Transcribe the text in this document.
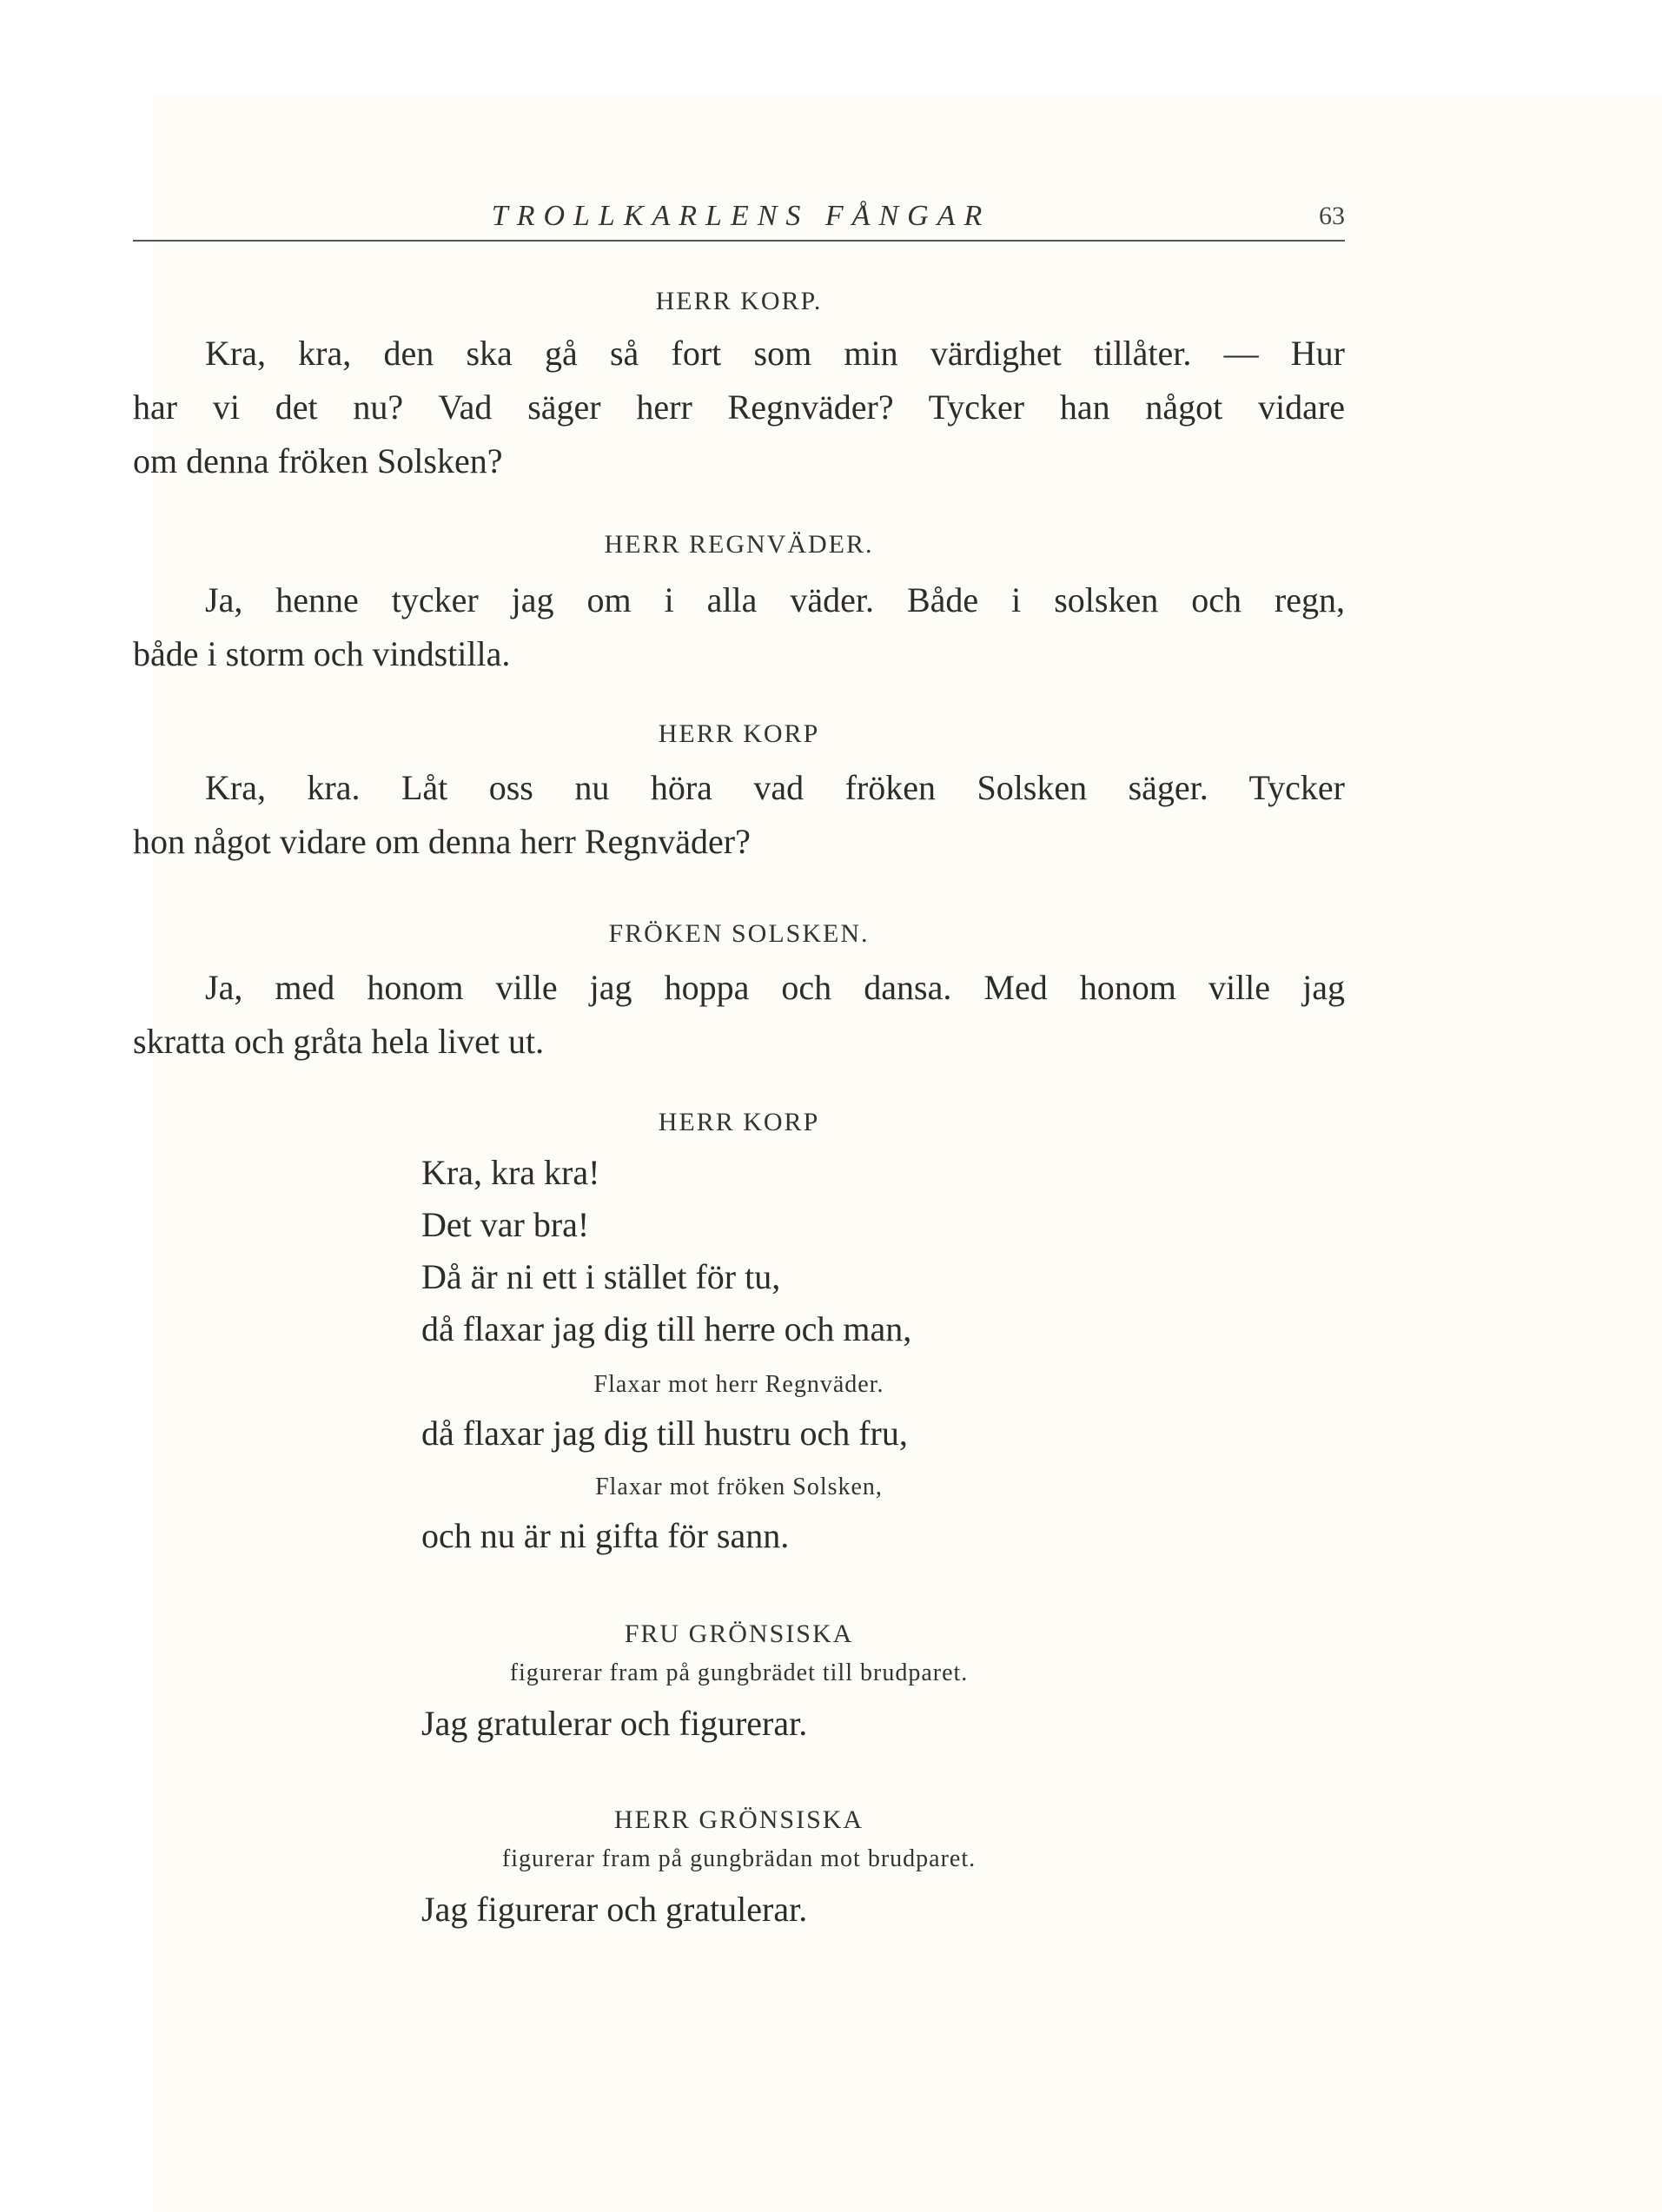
TROLLKARLENS FÅNGAR	63
HERR KORP.
Kra, kra, den ska gå så fort som min värdighet tillåter. — Hur
har vi det nu? Vad säger herr Regnväder? Tycker han något vidare
om denna fröken Solsken?
HERR REGNVÄDER.
Ja, henne tycker jag om i alla väder. Både i solsken och regn,
både i storm och vindstilla.
HERR KORP
Kra, kra. Låt oss nu höra vad fröken Solsken säger. Tycker
hon något vidare om denna herr Regnväder?
FRÖKEN SOLSKEN.
Ja, med honom ville jag hoppa och dansa. Med honom ville jag
skratta och gråta hela livet ut.
HERR KORP
Kra, kra kra!
Det var bra!
Då är ni ett i stället för tu,
då flaxar jag dig till herre och man,
Flaxar mot herr Regnväder.
då flaxar jag dig till hustru och fru,
Flaxar mot fröken Solsken,
och nu är ni gifta för sann.
FRU GRÖNSISKA
figurerar fram på gungbrädet till brudparet.
Jag gratulerar och figurerar.
HERR GRÖNSISKA
figurerar fram på gungbrädan mot brudparet.
Jag figurerar och gratulerar.
